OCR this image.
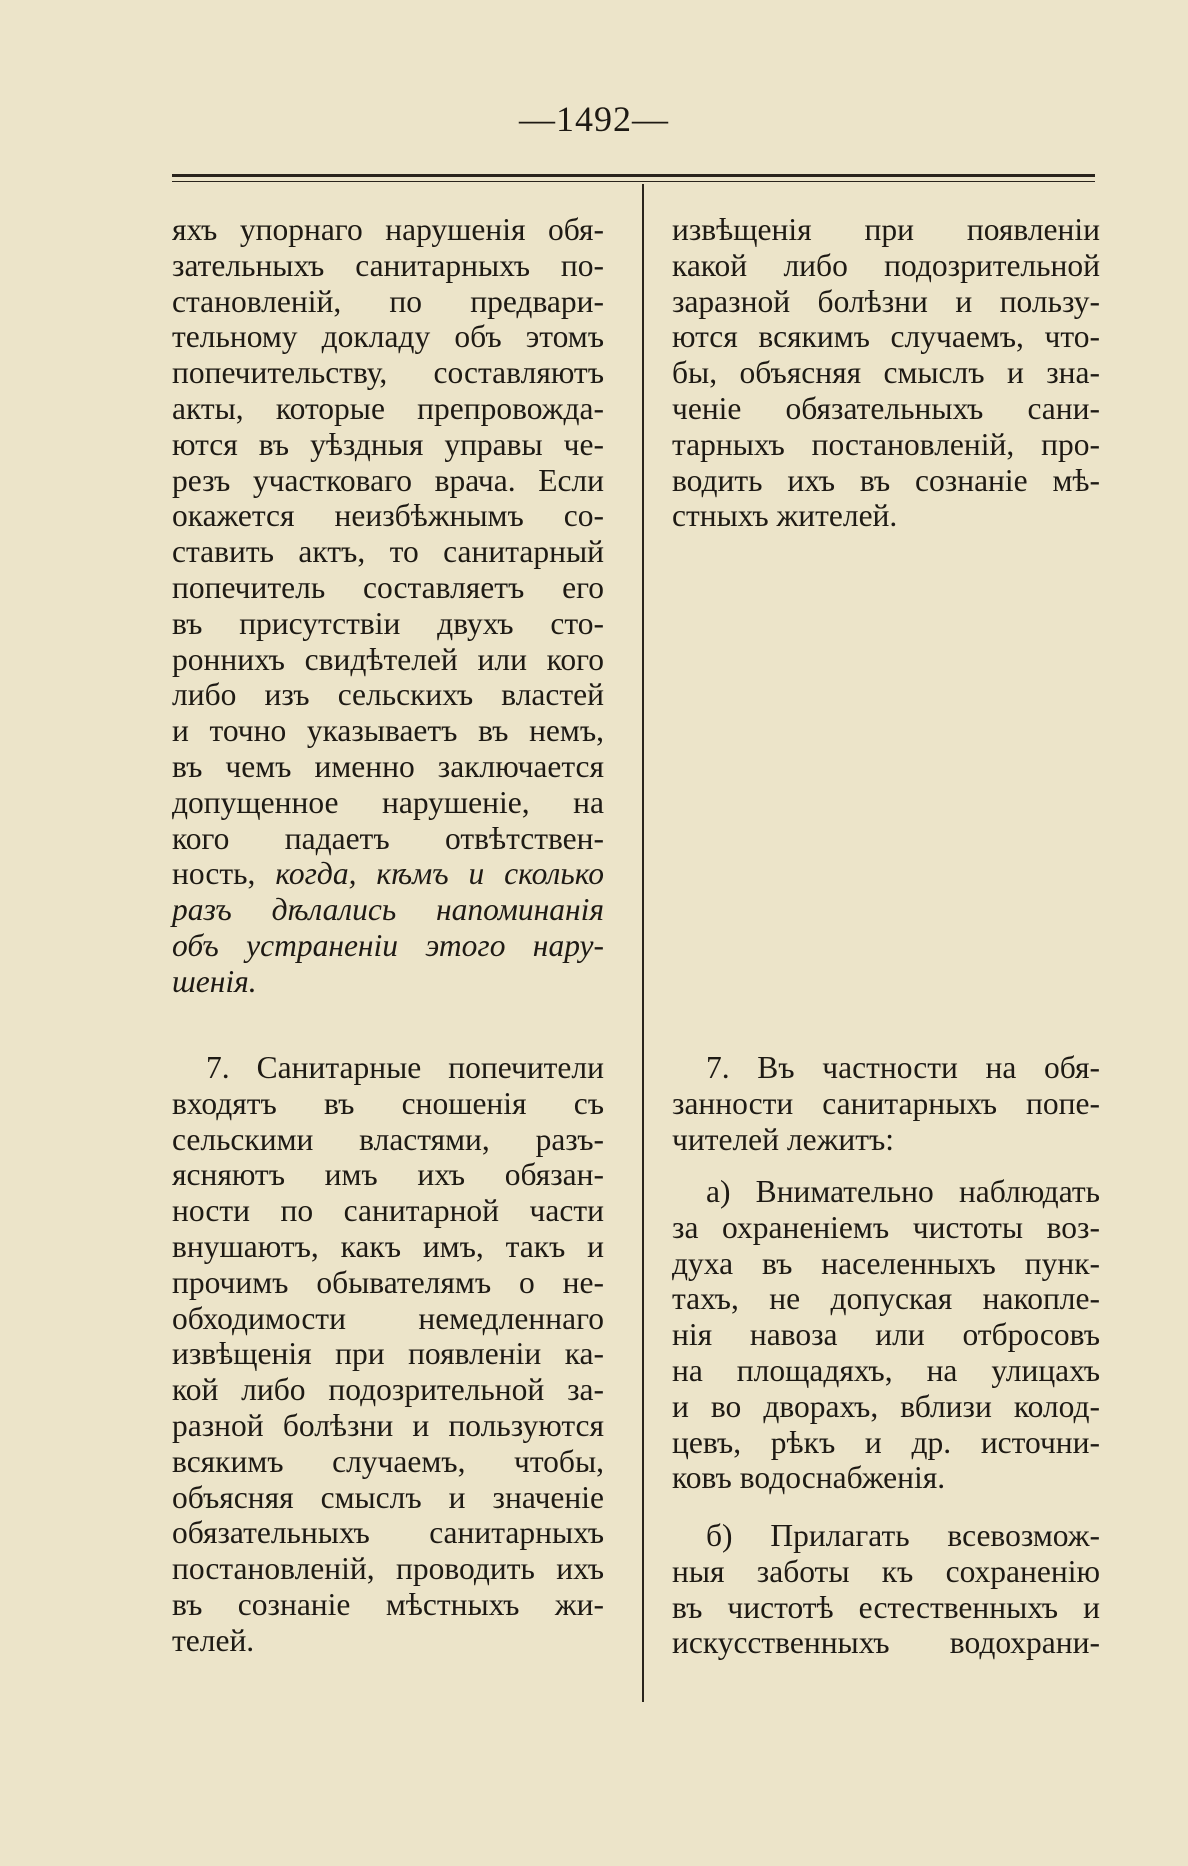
—1492—
яхъ упорнаго нарушенія обя-
зательныхъ санитарныхъ по-
становленій, по предвари-
тельному докладу объ этомъ
попечительству, составляютъ
акты, которые препровожда-
ются въ уѣздныя управы че-
резъ участковаго врача. Если
окажется неизбѣжнымъ со-
ставить актъ, то санитарный
попечитель составляетъ его
въ присутствіи двухъ сто-
роннихъ свидѣтелей или кого
либо изъ сельскихъ властей
и точно указываетъ въ немъ,
въ чемъ именно заключается
допущенное нарушеніе, на
кого падаетъ отвѣтствен-
ность, когда, кѣмъ и сколько
разъ дѣлались напоминанія
объ устраненіи этого нару-
шенія.
7. Санитарные попечители
входятъ въ сношенія съ
сельскими властями, разъ-
ясняютъ имъ ихъ обязан-
ности по санитарной части
внушаютъ, какъ имъ, такъ и
прочимъ обывателямъ о не-
обходимости немедленнаго
извѣщенія при появленіи ка-
кой либо подозрительной за-
разной болѣзни и пользуются
всякимъ случаемъ, чтобы,
объясняя смыслъ и значеніе
обязательныхъ санитарныхъ
постановленій, проводить ихъ
въ сознаніе мѣстныхъ жи-
телей.
извѣщенія при появленіи
какой либо подозрительной
заразной болѣзни и пользу-
ются всякимъ случаемъ, что-
бы, объясняя смыслъ и зна-
ченіе обязательныхъ сани-
тарныхъ постановленій, про-
водить ихъ въ сознаніе мѣ-
стныхъ жителей.
7. Въ частности на обя-
занности санитарныхъ попе-
чителей лежитъ:
а) Внимательно наблюдать
за охраненіемъ чистоты воз-
духа въ населенныхъ пунк-
тахъ, не допуская накопле-
нія навоза или отбросовъ
на площадяхъ, на улицахъ
и во дворахъ, вблизи колод-
цевъ, рѣкъ и др. источни-
ковъ водоснабженія.
б) Прилагать всевозмож-
ныя заботы къ сохраненію
въ чистотѣ естественныхъ и
искусственныхъ водохрани-
